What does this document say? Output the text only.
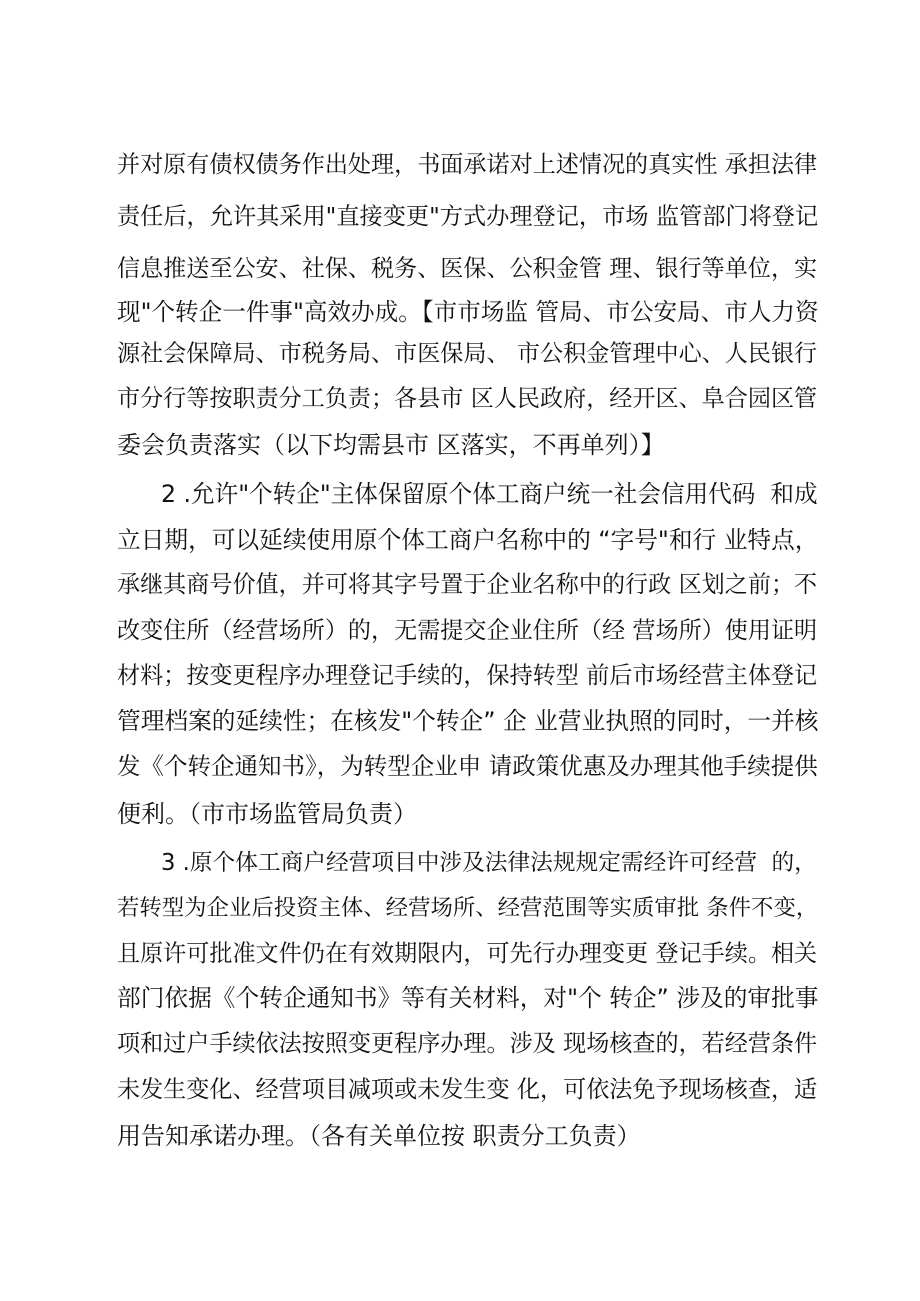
并对原有债权债务作出处理，书面承诺对上述情况的真实性 承担法律
责任后，允许其采用"直接变更"方式办理登记，市场 监管部门将登记
信息推送至公安、社保、税务、医保、公积金管 理、银行等单位，实
现"个转企一件事"高效办成。【市市场监 管局、市公安局、市人力资
源社会保障局、市税务局、市医保局、 市公积金管理中心、人民银行
市分行等按职责分工负责；各县市 区人民政府，经开区、阜合园区管
委会负责落实（以下均需县市 区落实，不再单列）】
2 .允许"个转企"主体保留原个体工商户统一社会信用代码  和成
立日期，可以延续使用原个体工商户名称中的 “字号"和行 业特点，
承继其商号价值，并可将其字号置于企业名称中的行政 区划之前；不
改变住所（经营场所）的，无需提交企业住所（经 营场所）使用证明
材料；按变更程序办理登记手续的，保持转型 前后市场经营主体登记
管理档案的延续性；在核发"个转企” 企 业营业执照的同时，一并核
发《个转企通知书》，为转型企业申 请政策优惠及办理其他手续提供
便利。（市市场监管局负责）
3 .原个体工商户经营项目中涉及法律法规规定需经许可经营  的，
若转型为企业后投资主体、经营场所、经营范围等实质审批 条件不变，
且原许可批准文件仍在有效期限内，可先行办理变更 登记手续。相关
部门依据《个转企通知书》等有关材料，对"个 转企” 涉及的审批事
项和过户手续依法按照变更程序办理。涉及 现场核查的，若经营条件
未发生变化、经营项目减项或未发生变 化，可依法免予现场核查，适
用告知承诺办理。（各有关单位按 职责分工负责）
